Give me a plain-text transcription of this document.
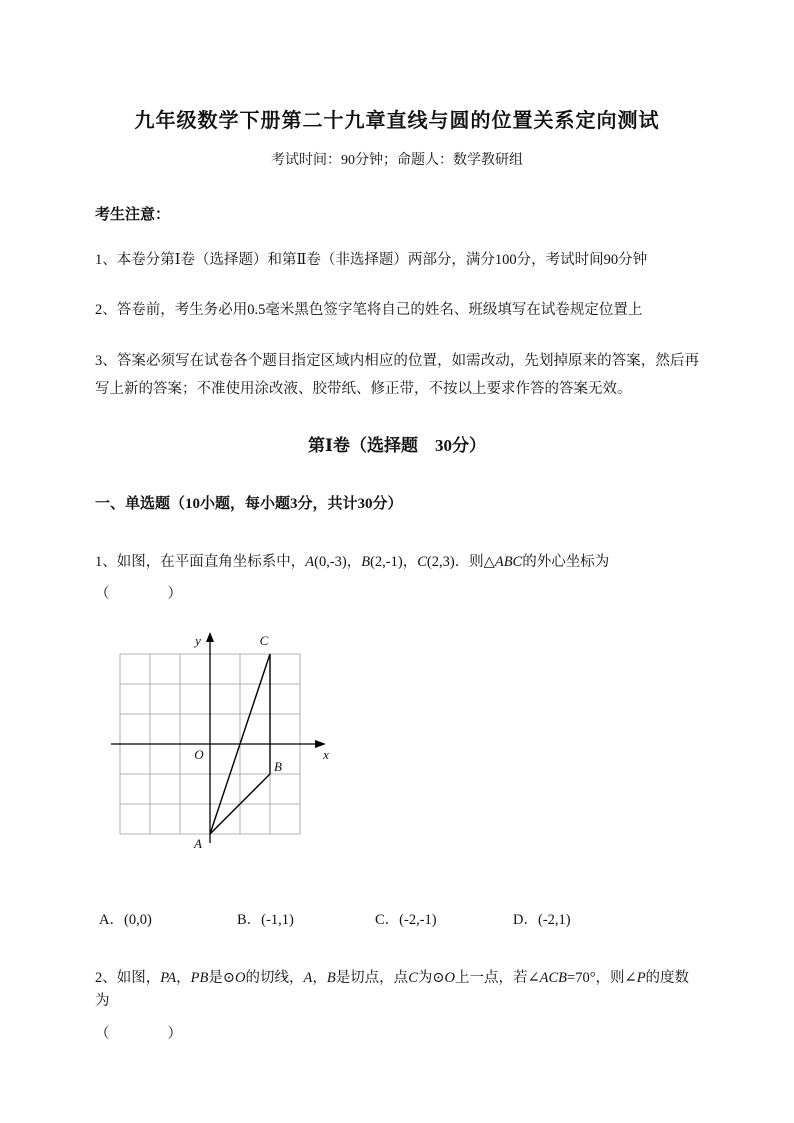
九年级数学下册第二十九章直线与圆的位置关系定向测试
考试时间：90分钟；命题人：数学教研组
考生注意：
1、本卷分第Ⅰ卷（选择题）和第Ⅱ卷（非选择题）两部分，满分100分，考试时间90分钟
2、答卷前，考生务必用0.5毫米黑色签字笔将自己的姓名、班级填写在试卷规定位置上
3、答案必须写在试卷各个题目指定区域内相应的位置，如需改动，先划掉原来的答案，然后再写上新的答案；不准使用涂改液、胶带纸、修正带，不按以上要求作答的答案无效。
第Ⅰ卷（选择题　30分）
一、单选题（10小题，每小题3分，共计30分）
1、如图，在平面直角坐标系中，A(0,-3)，B(2,-1)，C(2,3)．则△ABC的外心坐标为
（　　　　）
y
x
O
A
B
C
A．(0,0)	B．(-1,1)	C．(-2,-1)	D．(-2,1)
2、如图，PA，PB是⊙O的切线，A，B是切点，点C为⊙O上一点，若∠ACB=70°，则∠P的度数为
（　　　　）
